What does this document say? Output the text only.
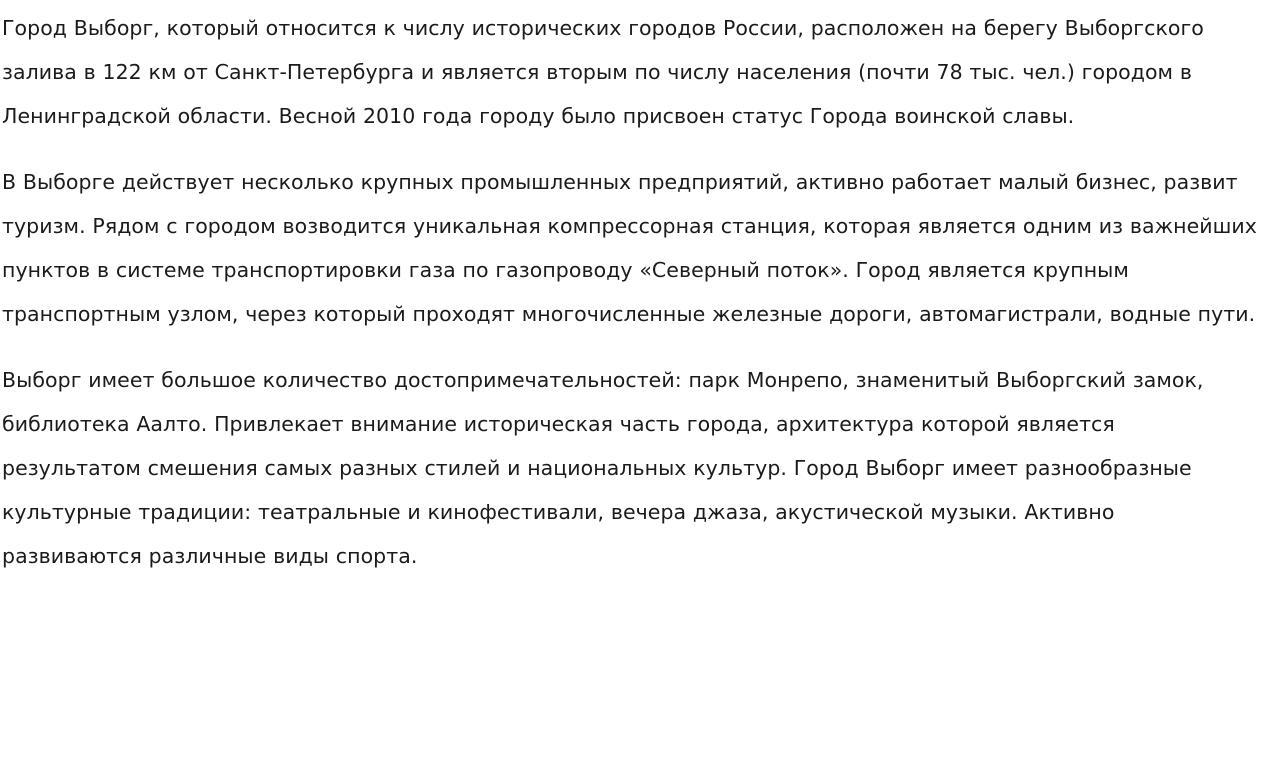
Город Выборг, который относится к числу исторических городов России, расположен на берегу Выборгского залива в 122 км от Санкт-Петербурга и является вторым по числу населения (почти 78 тыс. чел.) городом в Ленинградской области. Весной 2010 года городу было присвоен статус Города воинской славы.

В Выборге действует несколько крупных промышленных предприятий, активно работает малый бизнес, развит туризм. Рядом с городом возводится уникальная компрессорная станция, которая является одним из важнейших пунктов в системе транспортировки газа по газопроводу «Северный поток». Город является крупным транспортным узлом, через который проходят многочисленные железные дороги, автомагистрали, водные пути.

Выборг имеет большое количество достопримечательностей: парк Монрепо, знаменитый Выборгский замок, библиотека Аалто. Привлекает внимание историческая часть города, архитектура которой является результатом смешения самых разных стилей и национальных культур. Город Выборг имеет разнообразные культурные традиции: театральные и кинофестивали, вечера джаза, акустической музыки. Активно развиваются различные виды спорта.
